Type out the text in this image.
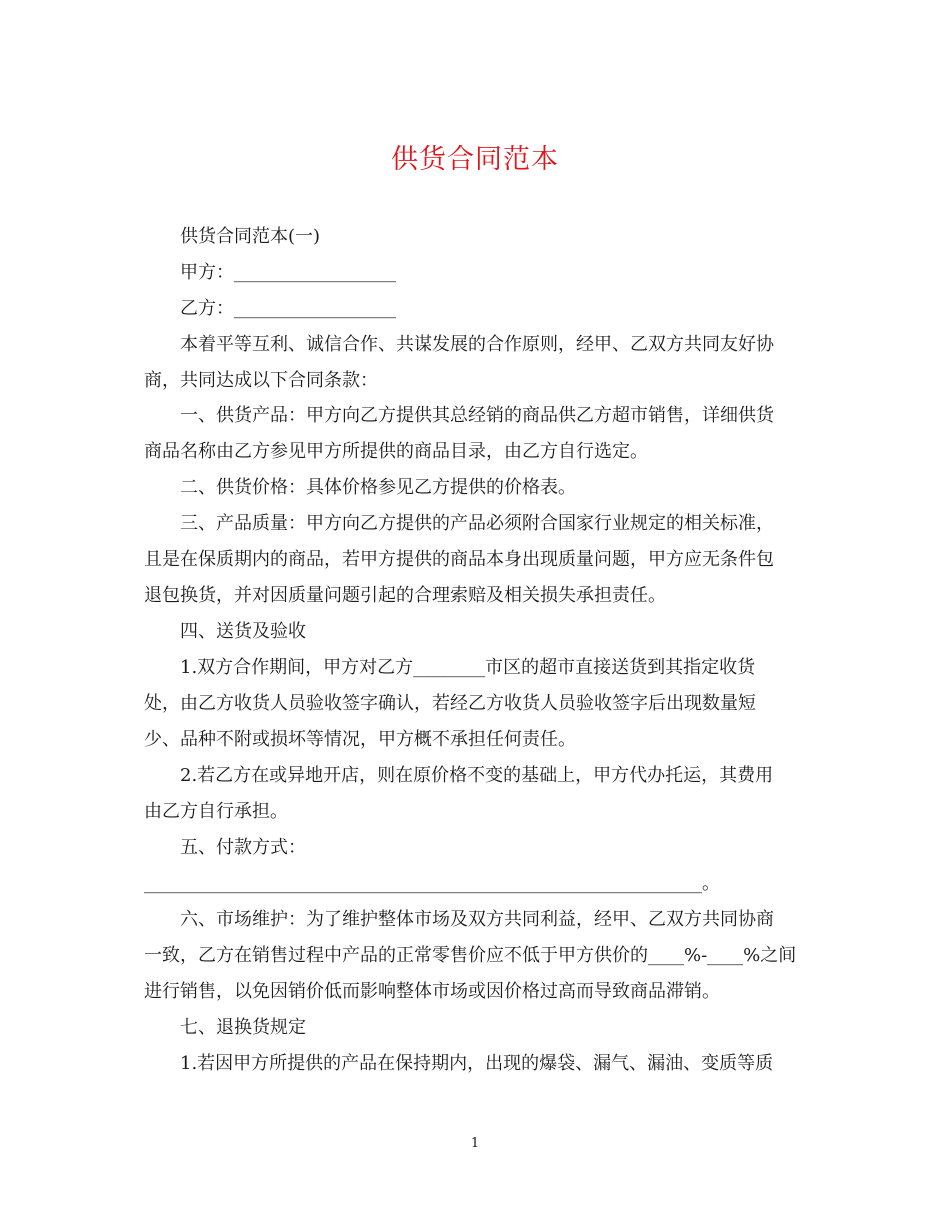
供货合同范本
供货合同范本(一)
甲方：__________________
乙方：__________________
本着平等互利、诚信合作、共谋发展的合作原则，经甲、乙双方共同友好协
商，共同达成以下合同条款：
一、供货产品：甲方向乙方提供其总经销的商品供乙方超市销售，详细供货
商品名称由乙方参见甲方所提供的商品目录，由乙方自行选定。
二、供货价格：具体价格参见乙方提供的价格表。
三、产品质量：甲方向乙方提供的产品必须附合国家行业规定的相关标准，
且是在保质期内的商品，若甲方提供的商品本身出现质量问题，甲方应无条件包
退包换货，并对因质量问题引起的合理索赔及相关损失承担责任。
四、送货及验收
1.双方合作期间，甲方对乙方________市区的超市直接送货到其指定收货
处，由乙方收货人员验收签字确认，若经乙方收货人员验收签字后出现数量短
少、品种不附或损坏等情况，甲方概不承担任何责任。
2.若乙方在或异地开店，则在原价格不变的基础上，甲方代办托运，其费用
由乙方自行承担。
五、付款方式：
______________________________________________________________。
六、市场维护：为了维护整体市场及双方共同利益，经甲、乙双方共同协商
一致，乙方在销售过程中产品的正常零售价应不低于甲方供价的____%-____%之间
进行销售，以免因销价低而影响整体市场或因价格过高而导致商品滞销。
七、退换货规定
1.若因甲方所提供的产品在保持期内，出现的爆袋、漏气、漏油、变质等质
1
